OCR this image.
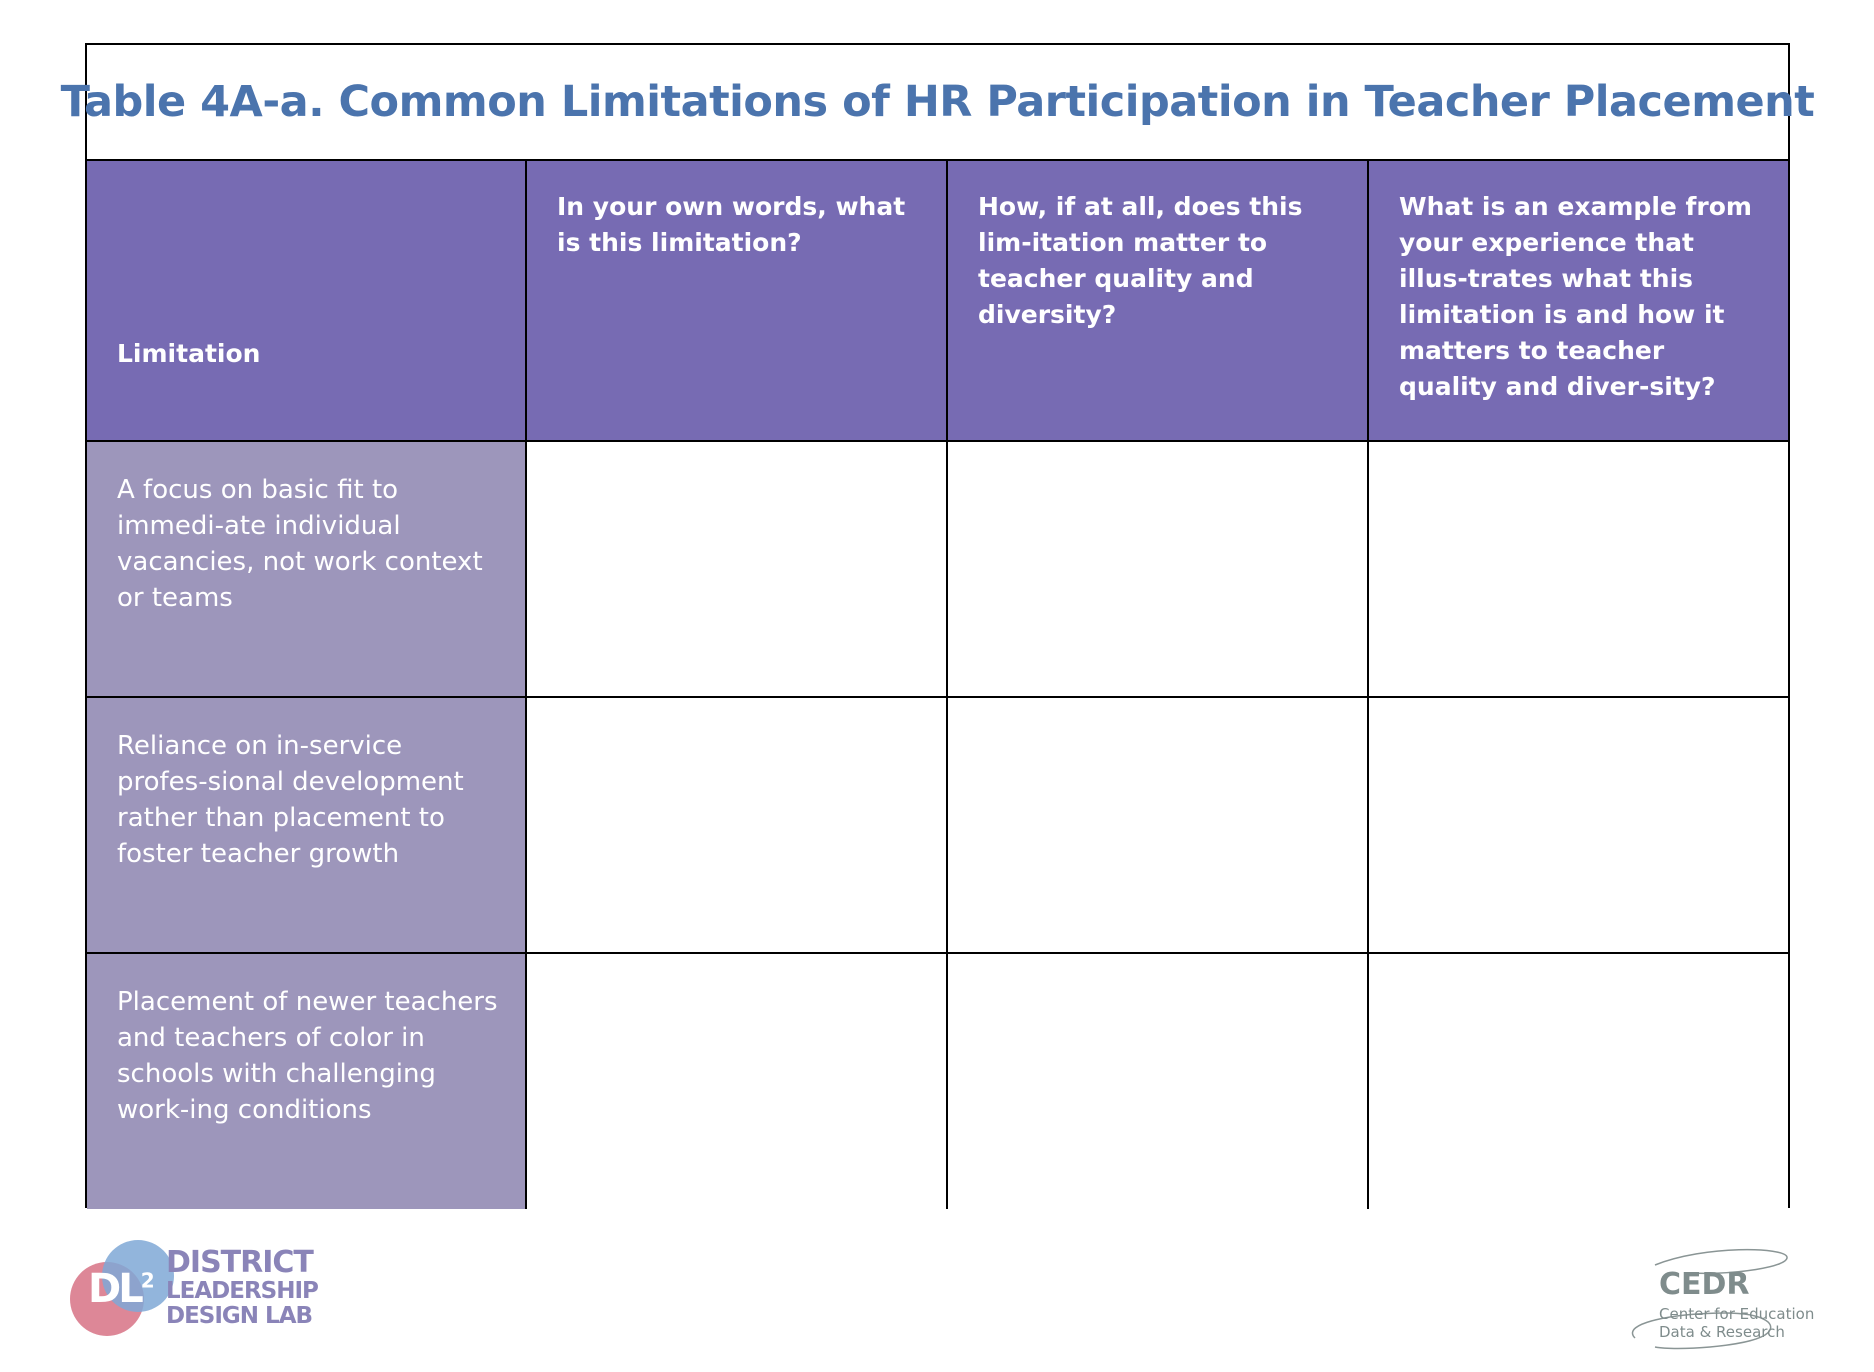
Table 4A-a. Common Limitations of HR Participation in Teacher Placement
Limitation	In your own words, what is this limitation?	How, if at all, does this lim-itation matter to teacher quality and diversity?	What is an example from your experience that illus-trates what this limitation is and how it matters to teacher quality and diver-sity?
A focus on basic fit to immedi-ate individual vacancies, not work context or teams			
Reliance on in-service profes-sional development rather than placement to foster teacher growth			
Placement of newer teachers and teachers of color in schools with challenging work-ing conditions			
$DL^2$
DISTRICT
LEADERSHIP
DESIGN LAB
CEDR
Center for Education
Data & Research
